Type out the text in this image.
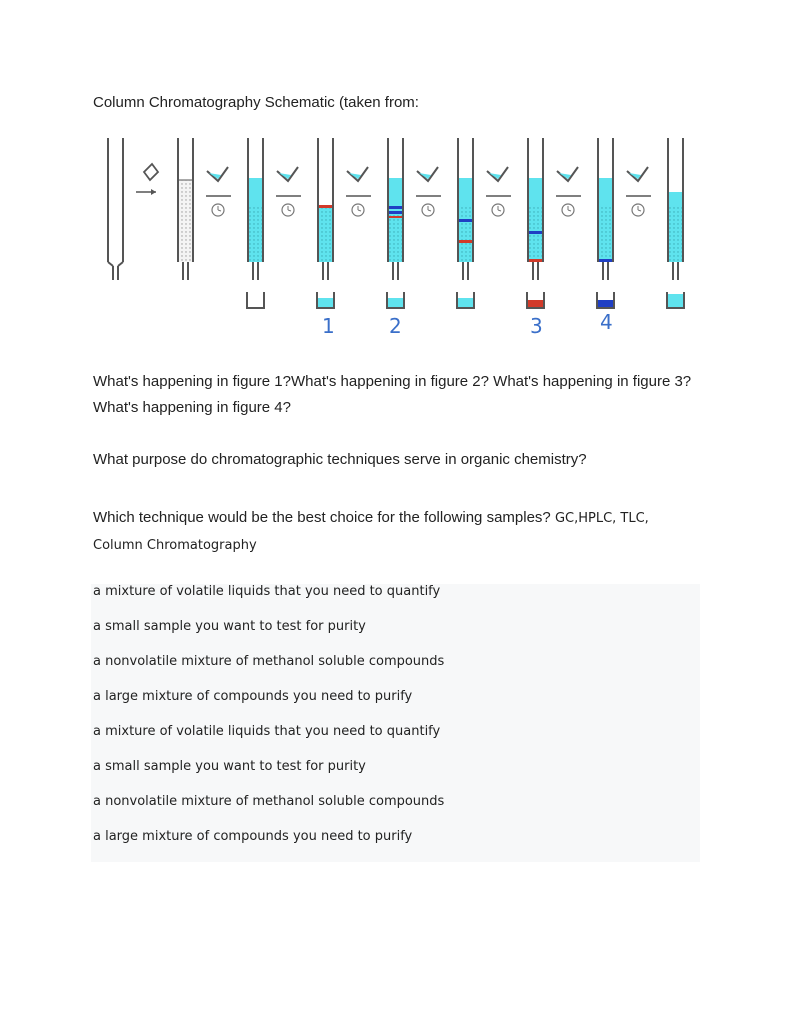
Column Chromatography Schematic (taken from:
1	2	3	4
What's happening in figure 1?What's happening in figure 2? What's happening in figure 3? What's happening in figure 4?
What purpose do chromatographic techniques serve in organic chemistry?
Which technique would be the best choice for the following samples? GC,HPLC, TLC,
Column Chromatography
a mixture of volatile liquids that you need to quantify
a small sample you want to test for purity
a nonvolatile mixture of methanol soluble compounds
a large mixture of compounds you need to purify
a mixture of volatile liquids that you need to quantify
a small sample you want to test for purity
a nonvolatile mixture of methanol soluble compounds
a large mixture of compounds you need to purify
